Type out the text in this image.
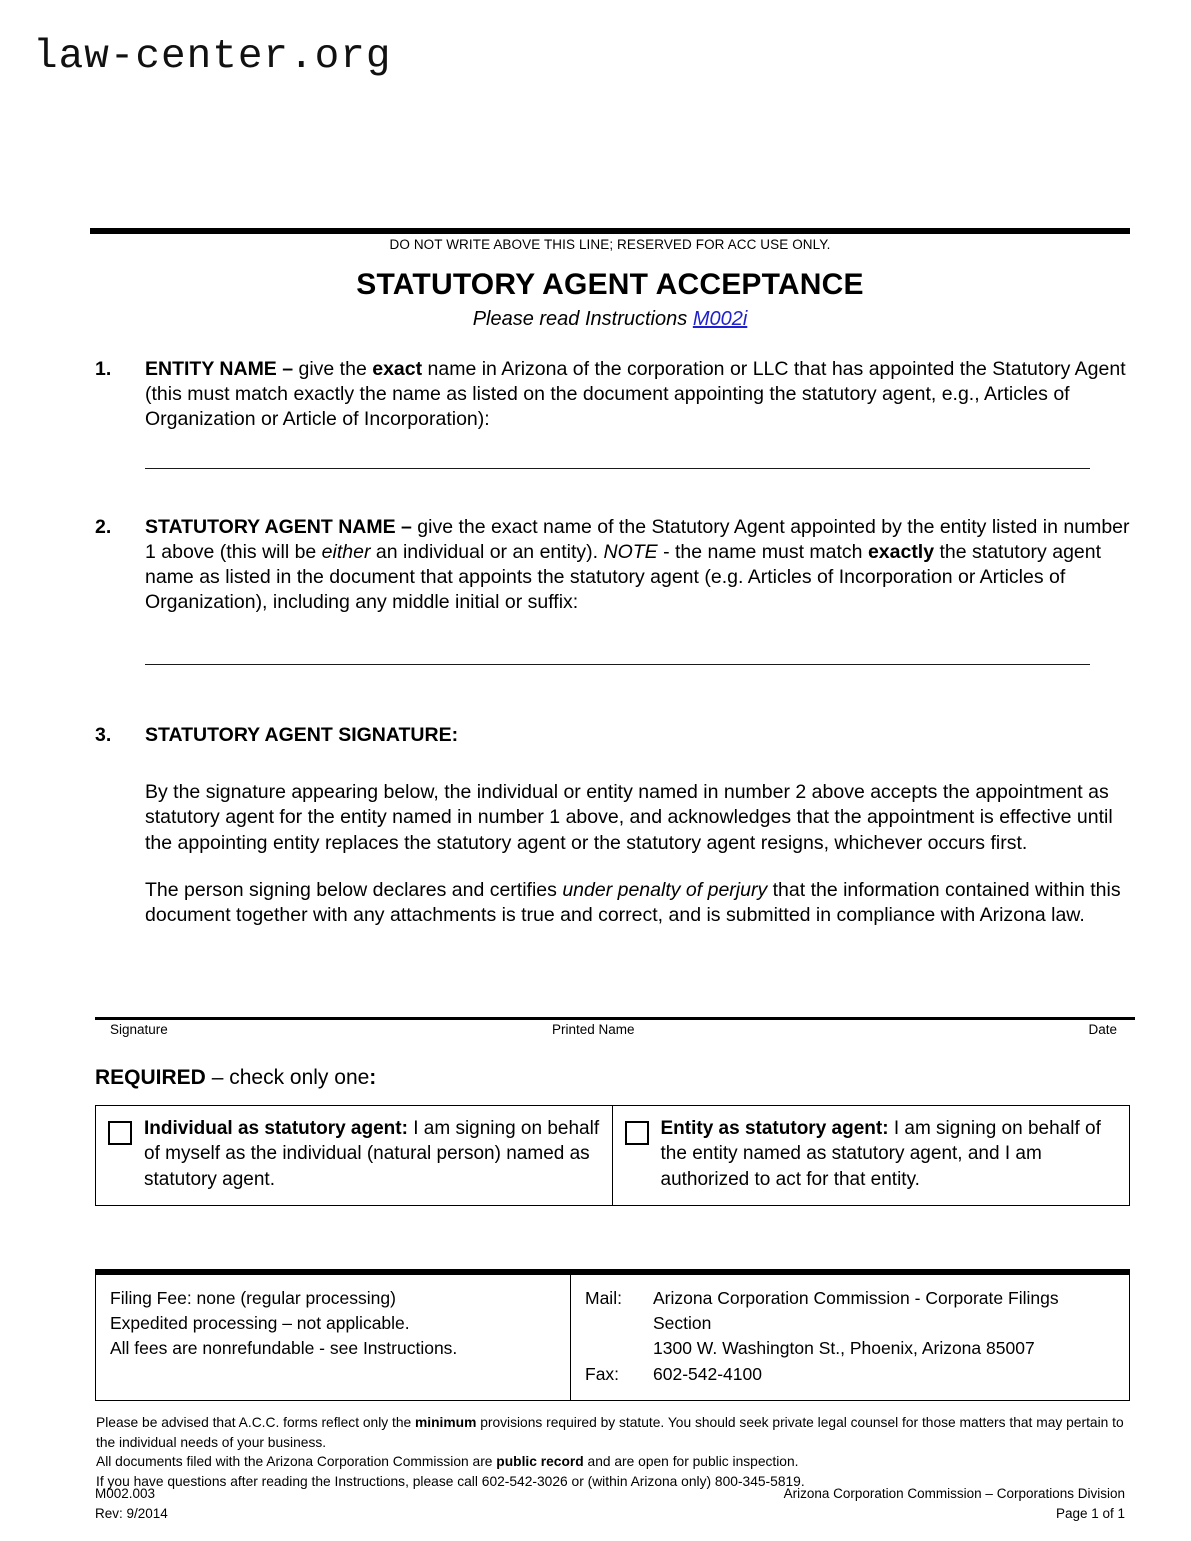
law-center.org
DO NOT WRITE ABOVE THIS LINE; RESERVED FOR ACC USE ONLY.
STATUTORY AGENT ACCEPTANCE
Please read Instructions M002i
1.	ENTITY NAME – give the exact name in Arizona of the corporation or LLC that has appointed the Statutory Agent (this must match exactly the name as listed on the document appointing the statutory agent, e.g., Articles of Organization or Article of Incorporation):
2.	STATUTORY AGENT NAME – give the exact name of the Statutory Agent appointed by the entity listed in number 1 above (this will be either an individual or an entity). NOTE - the name must match exactly the statutory agent name as listed in the document that appoints the statutory agent (e.g. Articles of Incorporation or Articles of Organization), including any middle initial or suffix:
3.	STATUTORY AGENT SIGNATURE:
By the signature appearing below, the individual or entity named in number 2 above accepts the appointment as statutory agent for the entity named in number 1 above, and acknowledges that the appointment is effective until the appointing entity replaces the statutory agent or the statutory agent resigns, whichever occurs first.
The person signing below declares and certifies under penalty of perjury that the information contained within this document together with any attachments is true and correct, and is submitted in compliance with Arizona law.
Signature	Printed Name	Date
REQUIRED – check only one:
Individual as statutory agent: I am signing on behalf of myself as the individual (natural person) named as statutory agent.
Entity as statutory agent: I am signing on behalf of the entity named as statutory agent, and I am authorized to act for that entity.
Filing Fee: none (regular processing)
Expedited processing – not applicable.
All fees are nonrefundable - see Instructions.
Mail:	Arizona Corporation Commission - Corporate Filings Section
1300 W. Washington St., Phoenix, Arizona 85007
Fax:	602-542-4100
Please be advised that A.C.C. forms reflect only the minimum provisions required by statute. You should seek private legal counsel for those matters that may pertain to the individual needs of your business.
All documents filed with the Arizona Corporation Commission are public record and are open for public inspection.
If you have questions after reading the Instructions, please call 602-542-3026 or (within Arizona only) 800-345-5819.
M002.003
Rev: 9/2014
Arizona Corporation Commission – Corporations Division
Page 1 of 1
